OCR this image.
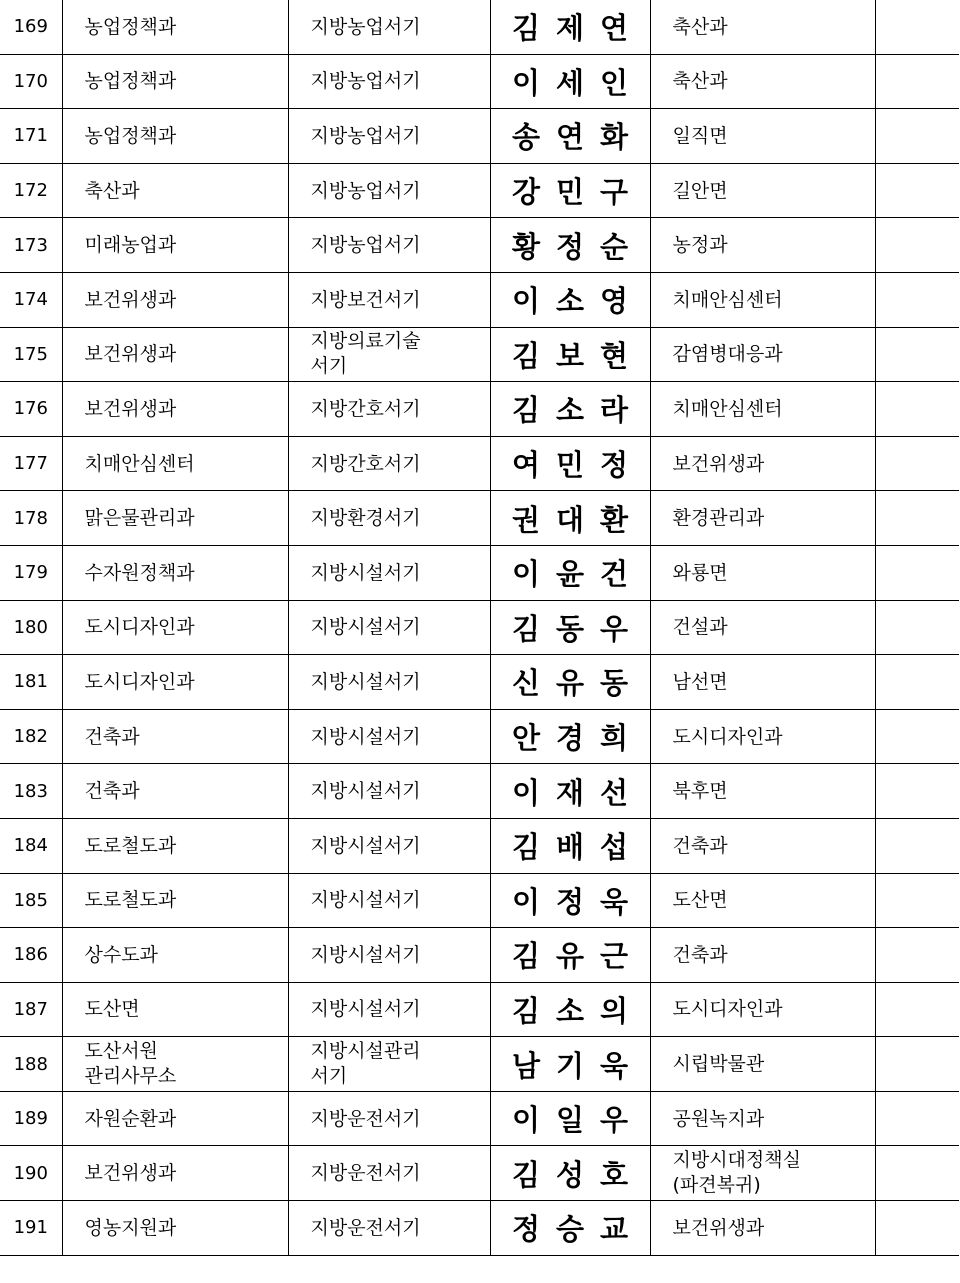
169	농업정책과	지방농업서기	김제연	축산과	

170	농업정책과	지방농업서기	이세인	축산과	

171	농업정책과	지방농업서기	송연화	일직면	

172	축산과	지방농업서기	강민구	길안면	

173	미래농업과	지방농업서기	황정순	농정과	

174	보건위생과	지방보건서기	이소영	치매안심센터	

175	보건위생과	지방의료기술
서기	김보현	감염병대응과	

176	보건위생과	지방간호서기	김소라	치매안심센터	

177	치매안심센터	지방간호서기	여민정	보건위생과	

178	맑은물관리과	지방환경서기	권대환	환경관리과	

179	수자원정책과	지방시설서기	이윤건	와룡면	

180	도시디자인과	지방시설서기	김동우	건설과	

181	도시디자인과	지방시설서기	신유동	남선면	

182	건축과	지방시설서기	안경희	도시디자인과	

183	건축과	지방시설서기	이재선	북후면	

184	도로철도과	지방시설서기	김배섭	건축과	

185	도로철도과	지방시설서기	이정욱	도산면	

186	상수도과	지방시설서기	김유근	건축과	

187	도산면	지방시설서기	김소의	도시디자인과	

188	도산서원
관리사무소	지방시설관리
서기	남기욱	시립박물관	

189	자원순환과	지방운전서기	이일우	공원녹지과	

190	보건위생과	지방운전서기	김성호	지방시대정책실
(파견복귀)	

191	영농지원과	지방운전서기	정승교	보건위생과	
